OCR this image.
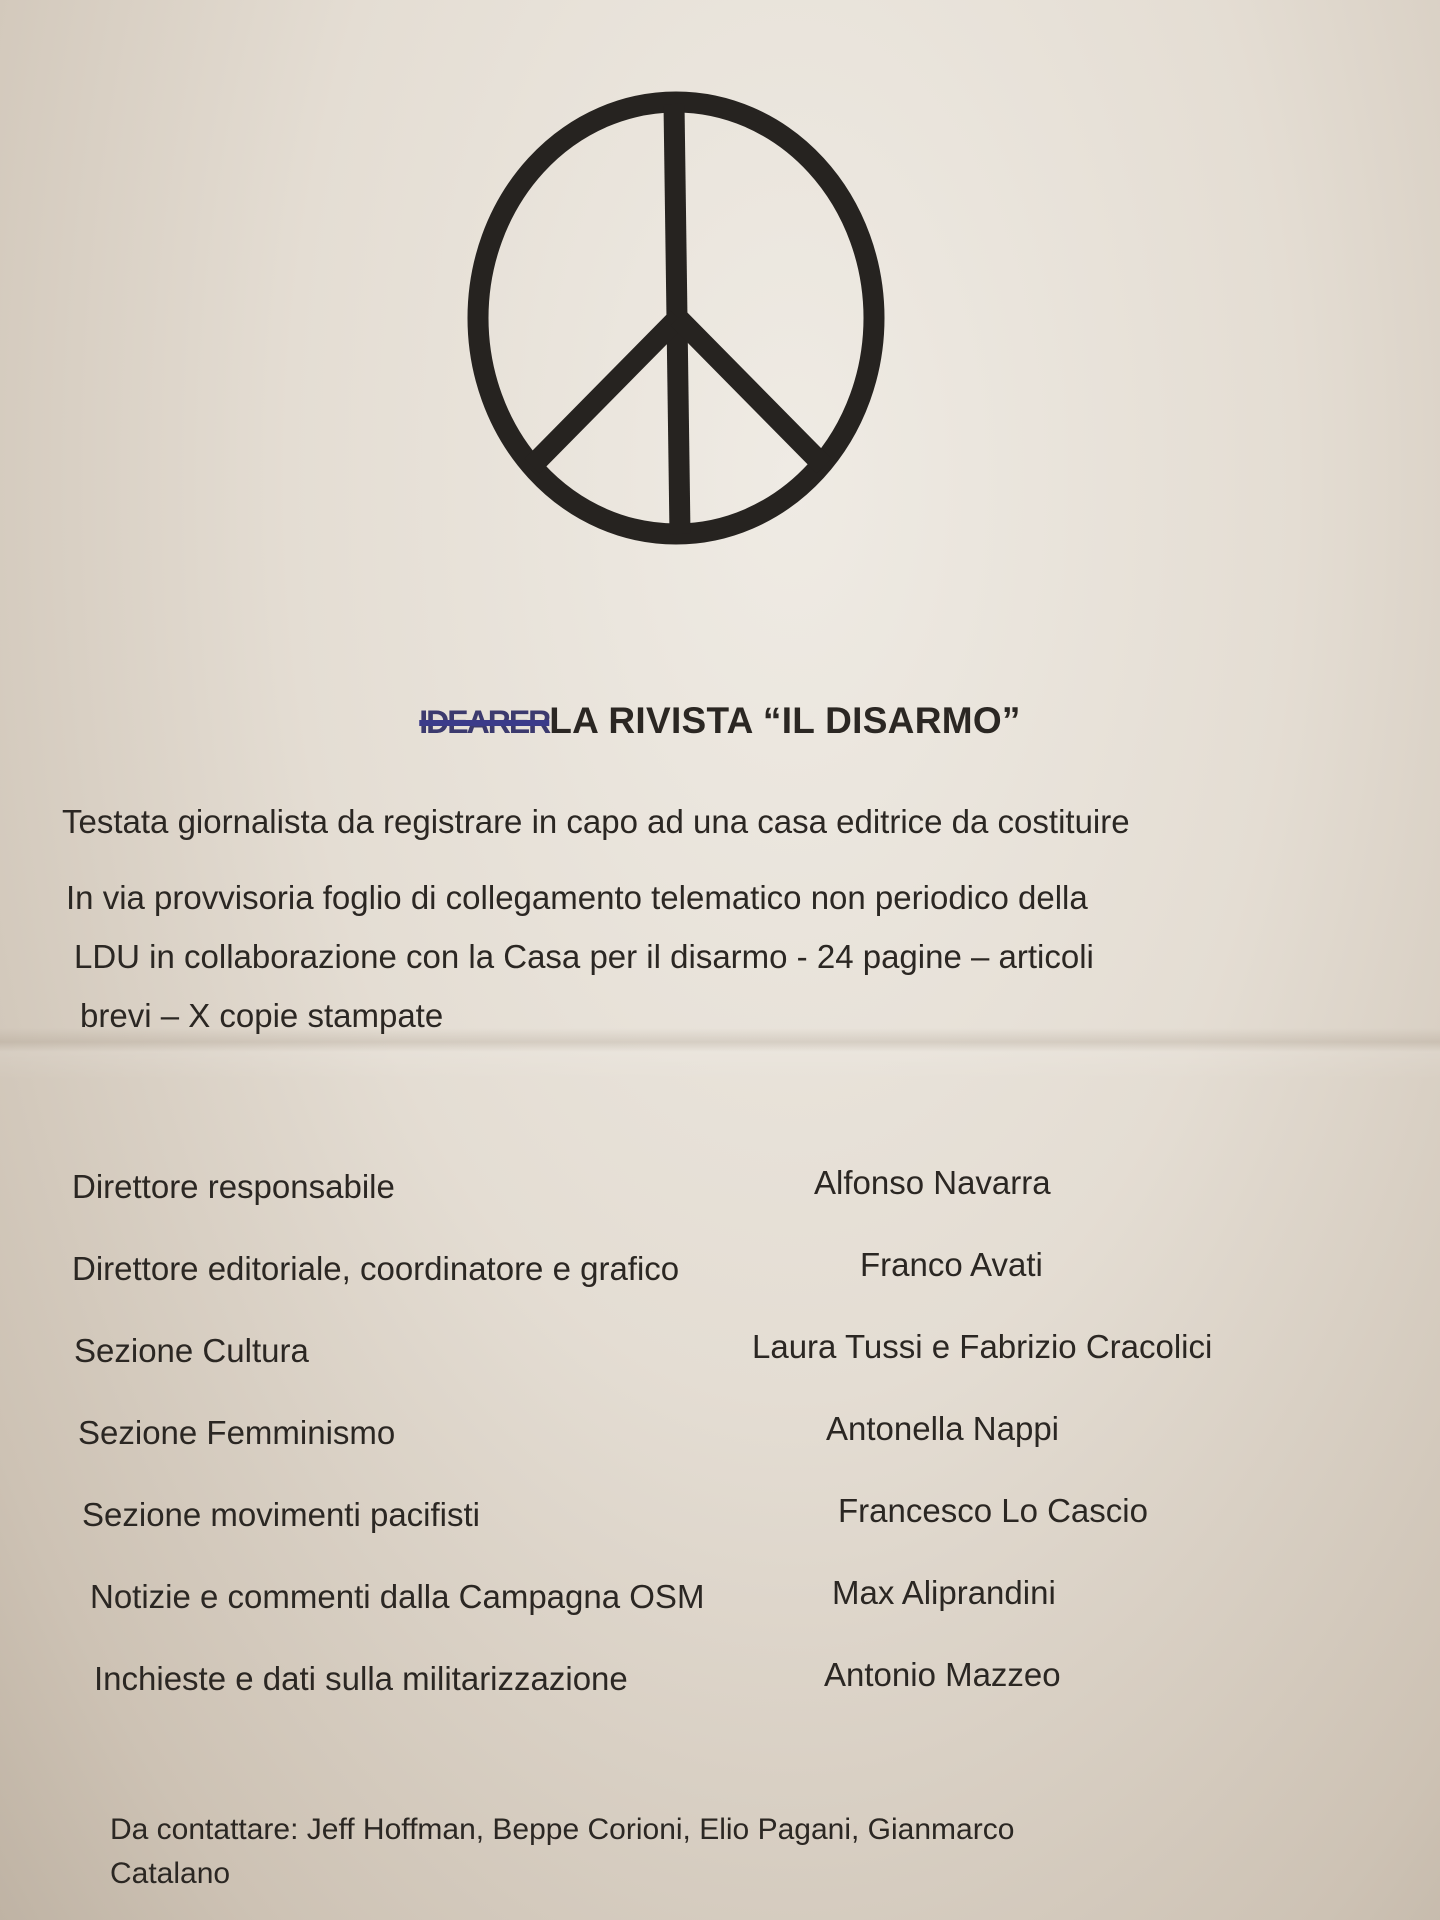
IDEARERLA RIVISTA “IL DISARMO”
Testata giornalista da registrare in capo ad una casa editrice da costituire
In via provvisoria foglio di collegamento telematico non periodico della
LDU in collaborazione con la Casa per il disarmo - 24 pagine – articoli
brevi – X copie stampate
Direttore responsabile	Alfonso Navarra
Direttore editoriale, coordinatore e grafico	Franco Avati
Sezione Cultura	Laura Tussi e Fabrizio Cracolici
Sezione Femminismo	Antonella Nappi
Sezione movimenti pacifisti	Francesco Lo Cascio
Notizie e commenti dalla Campagna OSM	Max Aliprandini
Inchieste e dati sulla militarizzazione	Antonio Mazzeo
Da contattare: Jeff Hoffman, Beppe Corioni, Elio Pagani, Gianmarco
Catalano
